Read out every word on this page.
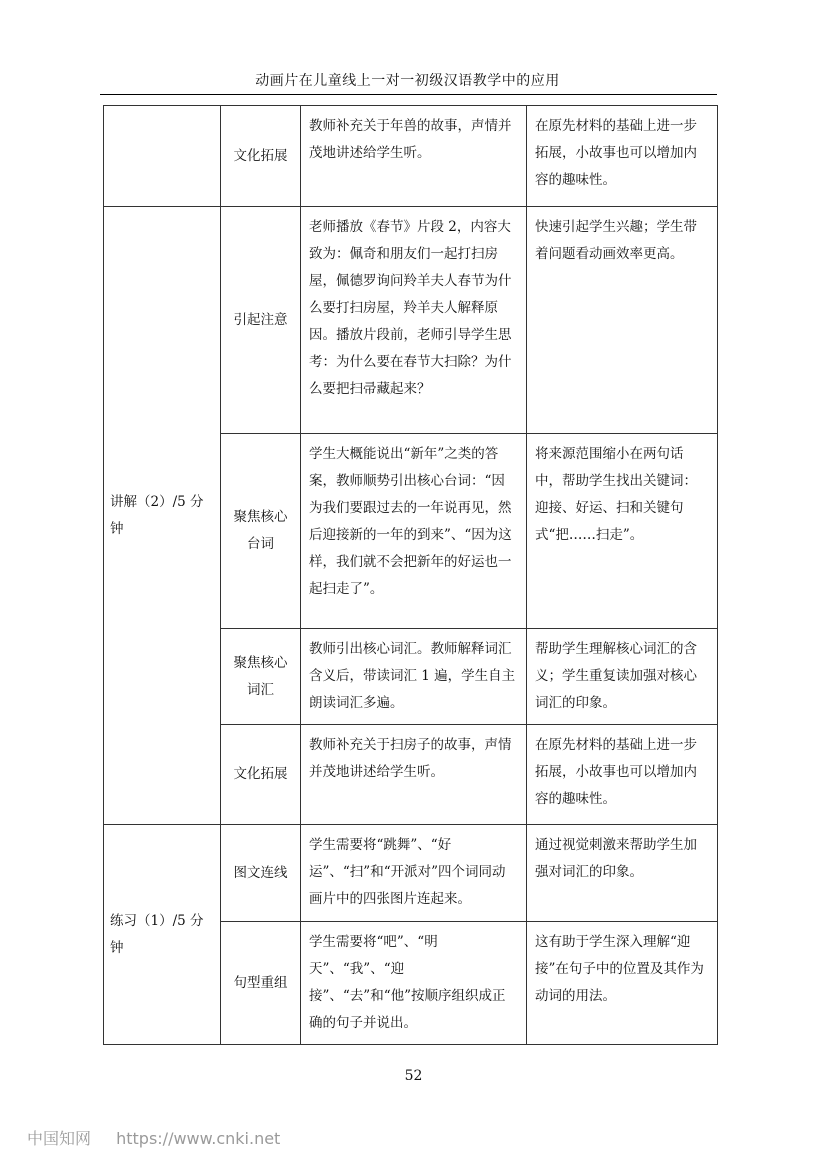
动画片在儿童线上一对一初级汉语教学中的应用
	文化拓展	教师补充关于年兽的故事，声情并茂地讲述给学生听。	在原先材料的基础上进一步拓展，小故事也可以增加内容的趣味性。
讲解（2）/5 分钟	引起注意	老师播放《春节》片段 2，内容大致为：佩奇和朋友们一起打扫房屋，佩德罗询问羚羊夫人春节为什么要打扫房屋，羚羊夫人解释原因。播放片段前，老师引导学生思考：为什么要在春节大扫除？为什么要把扫帚藏起来？	快速引起学生兴趣；学生带着问题看动画效率更高。
	聚焦核心台词	学生大概能说出“新年”之类的答案，教师顺势引出核心台词：“因为我们要跟过去的一年说再见，然后迎接新的一年的到来”、“因为这样，我们就不会把新年的好运也一起扫走了”。	将来源范围缩小在两句话中，帮助学生找出关键词：迎接、好运、扫和关键句式“把……扫走”。
	聚焦核心词汇	教师引出核心词汇。教师解释词汇含义后，带读词汇 1 遍，学生自主朗读词汇多遍。	帮助学生理解核心词汇的含义；学生重复读加强对核心词汇的印象。
	文化拓展	教师补充关于扫房子的故事，声情并茂地讲述给学生听。	在原先材料的基础上进一步拓展，小故事也可以增加内容的趣味性。
练习（1）/5 分钟	图文连线	学生需要将“跳舞”、“好运”、“扫”和“开派对”四个词同动画片中的四张图片连起来。	通过视觉刺激来帮助学生加强对词汇的印象。
	句型重组	学生需要将“吧”、“明天”、“我”、“迎接”、“去”和“他”按顺序组织成正确的句子并说出。	这有助于学生深入理解“迎接”在句子中的位置及其作为动词的用法。
52
中国知网 https://www.cnki.net
